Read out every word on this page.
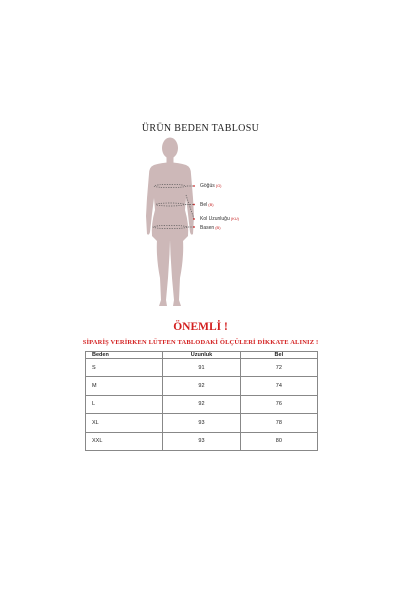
ÜRÜN BEDEN TABLOSU
Göğüs(G)
Bel(B)
Kol Uzunluğu(KU)
Basen(B)
ÖNEMLİ !
SİPARİŞ VERİRKEN LÜTFEN TABLODAKİ ÖLÇÜLERİ DİKKATE ALINIZ !
Beden	Uzunluk	Bel
S	91	72
M	92	74
L	92	76
XL	93	78
XXL	93	80
